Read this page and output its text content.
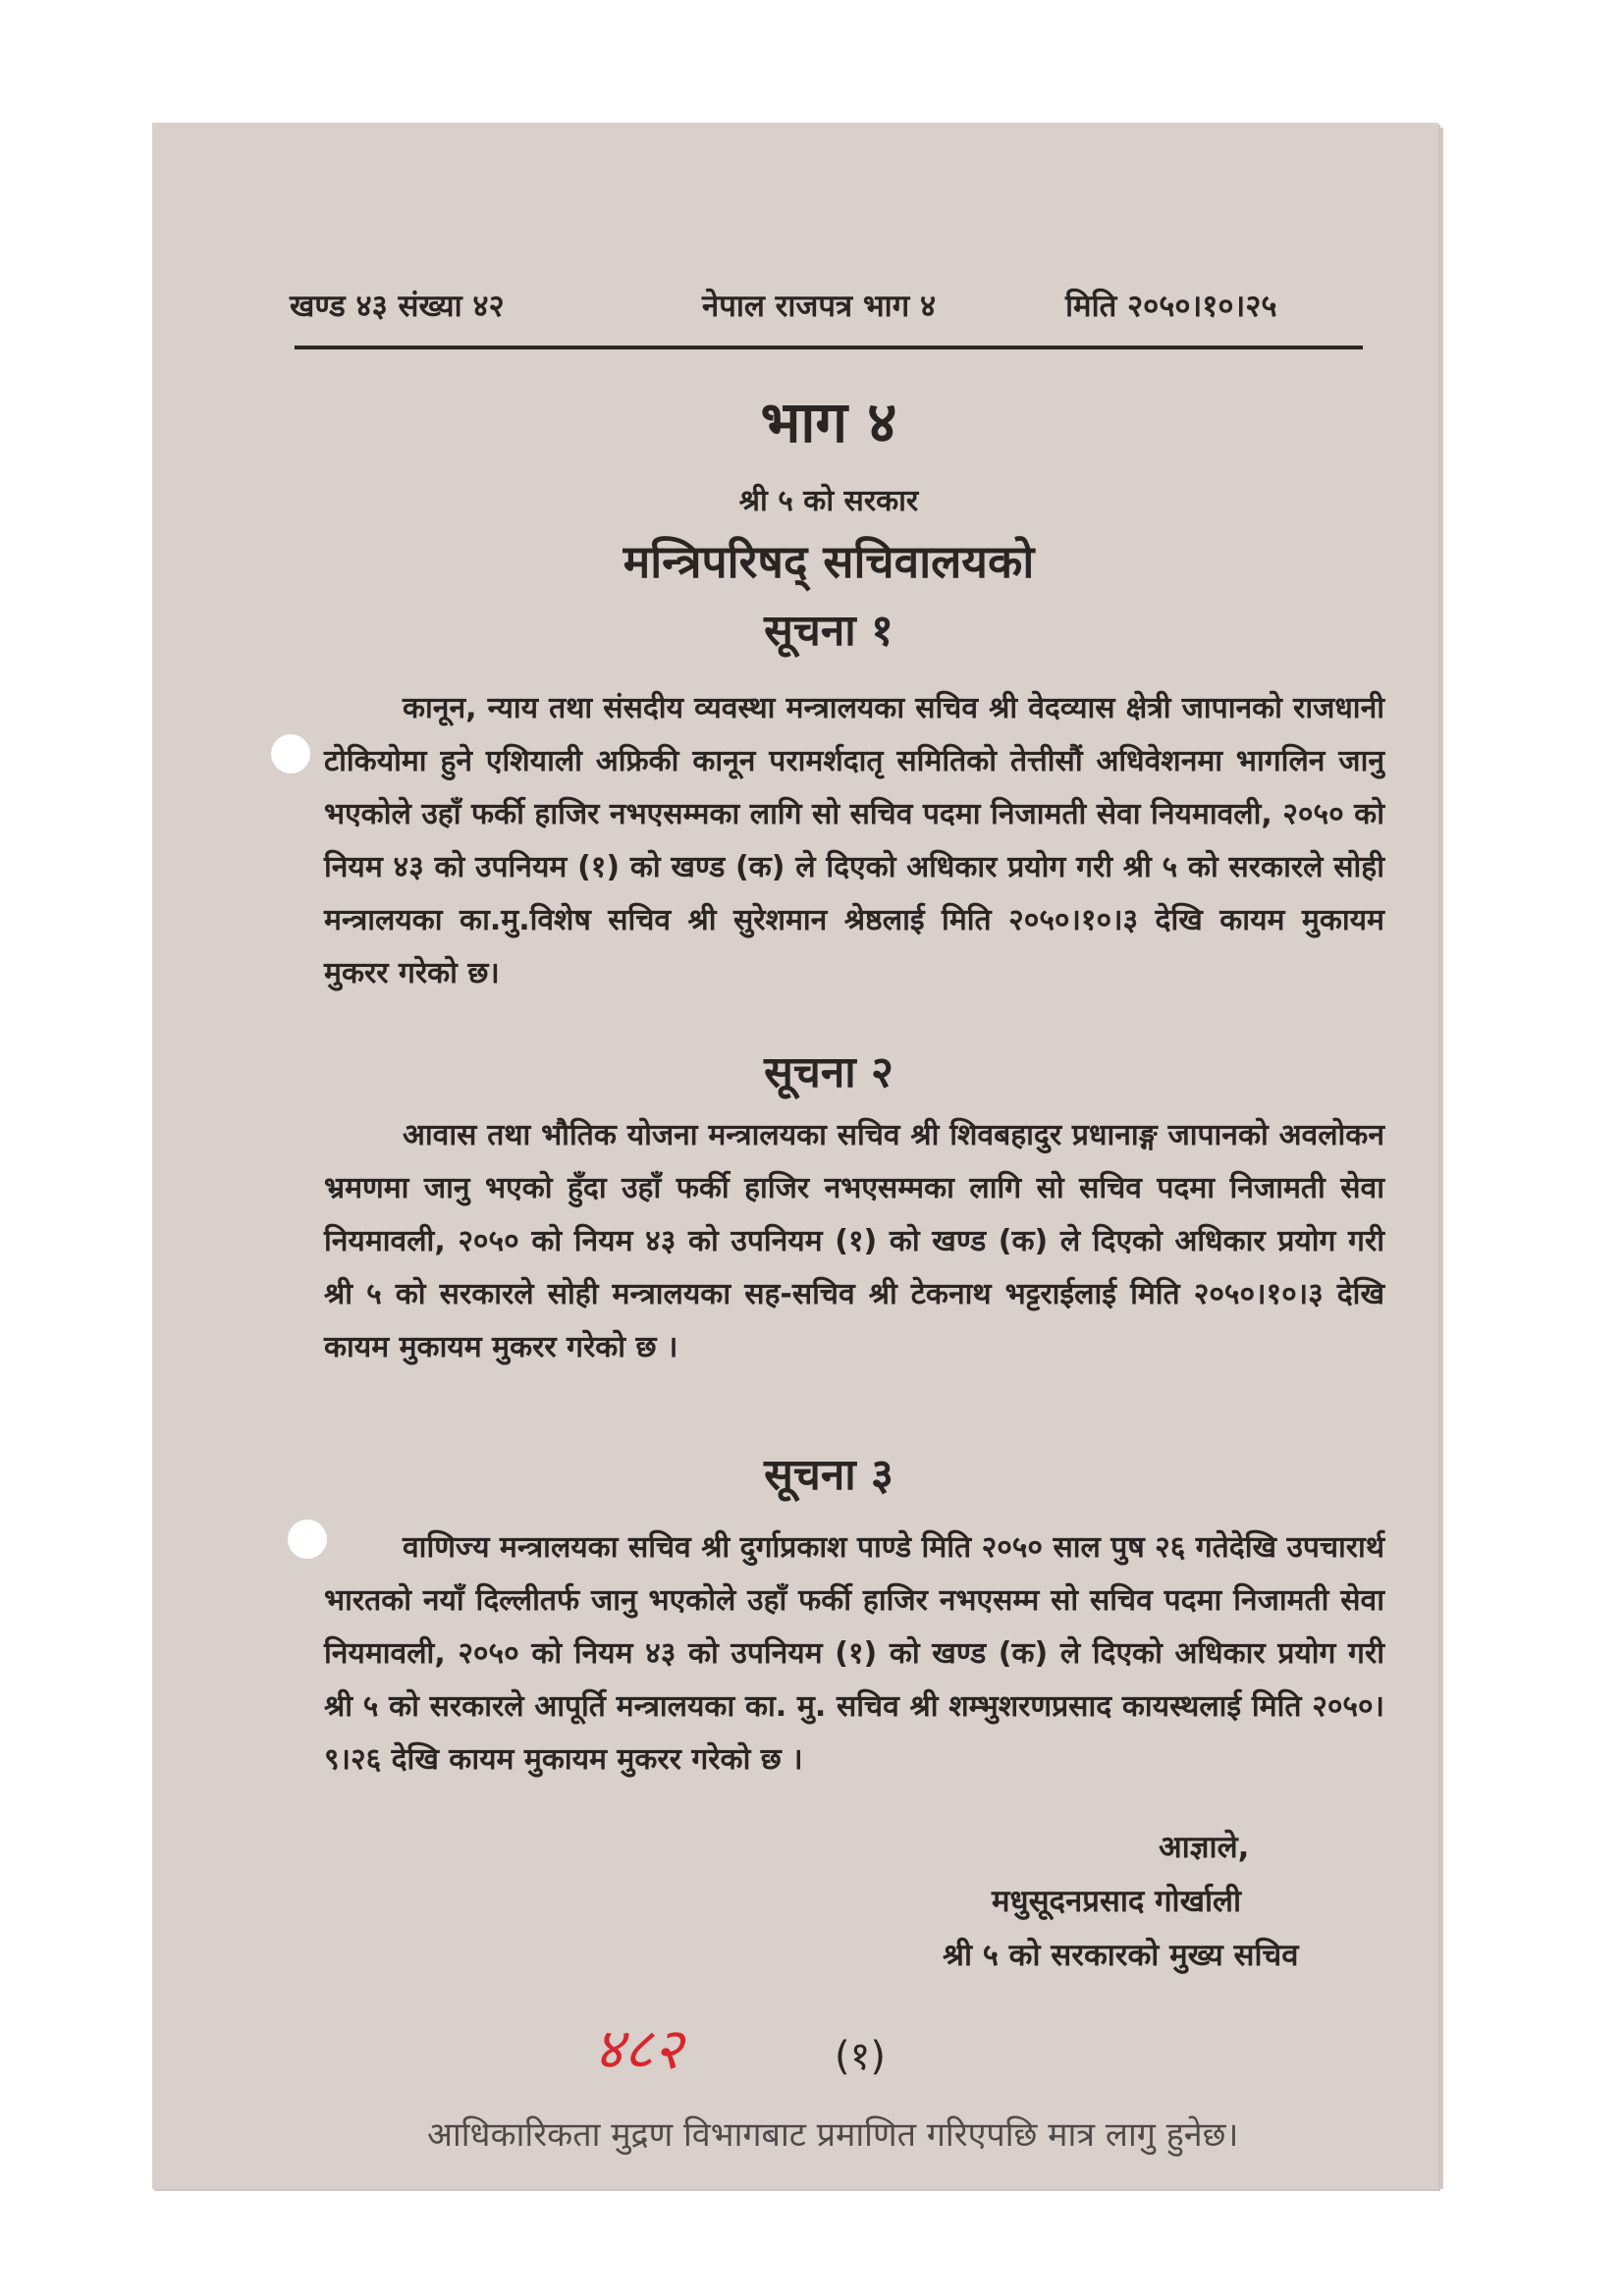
खण्ड ४३ संख्या ४२	नेपाल राजपत्र भाग ४	मिति २०५०।१०।२५
भाग ४
श्री ५ को सरकार
मन्त्रिपरिषद् सचिवालयको
सूचना १
कानून, न्याय तथा संसदीय व्यवस्था मन्त्रालयका सचिव श्री वेदव्यास क्षेत्री जापानको राजधानी टोकियोमा हुने एशियाली अफ्रिकी कानून परामर्शदातृ समितिको तेत्तीसौं अधिवेशनमा भागलिन जानु भएकोले उहाँ फर्की हाजिर नभएसम्मका लागि सो सचिव पदमा निजामती सेवा नियमावली, २०५० को नियम ४३ को उपनियम (१) को खण्ड (क) ले दिएको अधिकार प्रयोग गरी श्री ५ को सरकारले सोही मन्त्रालयका का.मु.विशेष सचिव श्री सुरेशमान श्रेष्ठलाई मिति २०५०।१०।३ देखि कायम मुकायम मुकरर गरेको छ।
सूचना २
आवास तथा भौतिक योजना मन्त्रालयका सचिव श्री शिवबहादुर प्रधानाङ्ग जापानको अवलोकन भ्रमणमा जानु भएको हुँदा उहाँ फर्की हाजिर नभएसम्मका लागि सो सचिव पदमा निजामती सेवा नियमावली, २०५० को नियम ४३ को उपनियम (१) को खण्ड (क) ले दिएको अधिकार प्रयोग गरी श्री ५ को सरकारले सोही मन्त्रालयका सह-सचिव श्री टेकनाथ भट्टराईलाई मिति २०५०।१०।३ देखि कायम मुकायम मुकरर गरेको छ ।
सूचना ३
वाणिज्य मन्त्रालयका सचिव श्री दुर्गाप्रकाश पाण्डे मिति २०५० साल पुष २६ गतेदेखि उपचारार्थ भारतको नयाँ दिल्लीतर्फ जानु भएकोले उहाँ फर्की हाजिर नभएसम्म सो सचिव पदमा निजामती सेवा नियमावली, २०५० को नियम ४३ को उपनियम (१) को खण्ड (क) ले दिएको अधिकार प्रयोग गरी श्री ५ को सरकारले आपूर्ति मन्त्रालयका का. मु. सचिव श्री शम्भुशरणप्रसाद कायस्थलाई मिति २०५०।९।२६ देखि कायम मुकायम मुकरर गरेको छ ।
आज्ञाले,
मधुसूदनप्रसाद गोर्खाली
श्री ५ को सरकारको मुख्य सचिव
४८२	(१)
आधिकारिकता मुद्रण विभागबाट प्रमाणित गरिएपछि मात्र लागु हुनेछ।
